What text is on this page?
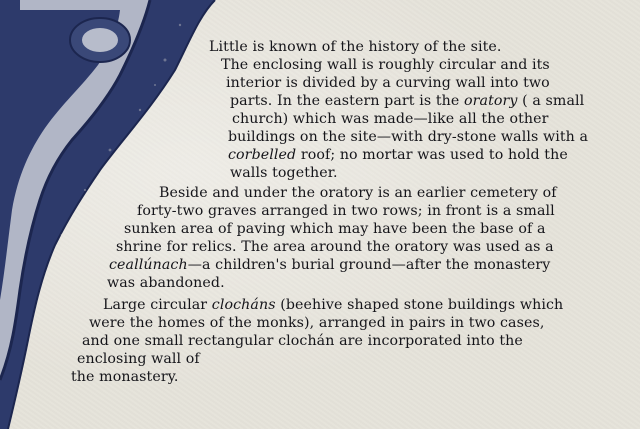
Little is known of the history of the site.
The enclosing wall is roughly circular and its
interior is divided by a curving wall into two
parts. In the eastern part is the oratory ( a small
church) which was made—like all the other
buildings on the site—with dry-stone walls with a
corbelled roof; no mortar was used to hold the
walls together.
Beside and under the oratory is an earlier cemetery of
forty-two graves arranged in two rows; in front is a small
sunken area of paving which may have been the base of a
shrine for relics. The area around the oratory was used as a
ceallúnach—a children's burial ground—after the monastery
was abandoned.
Large circular clocháns (beehive shaped stone buildings which
were the homes of the monks), arranged in pairs in two cases,
and one small rectangular clochán are incorporated into the
enclosing wall of
the monastery.
